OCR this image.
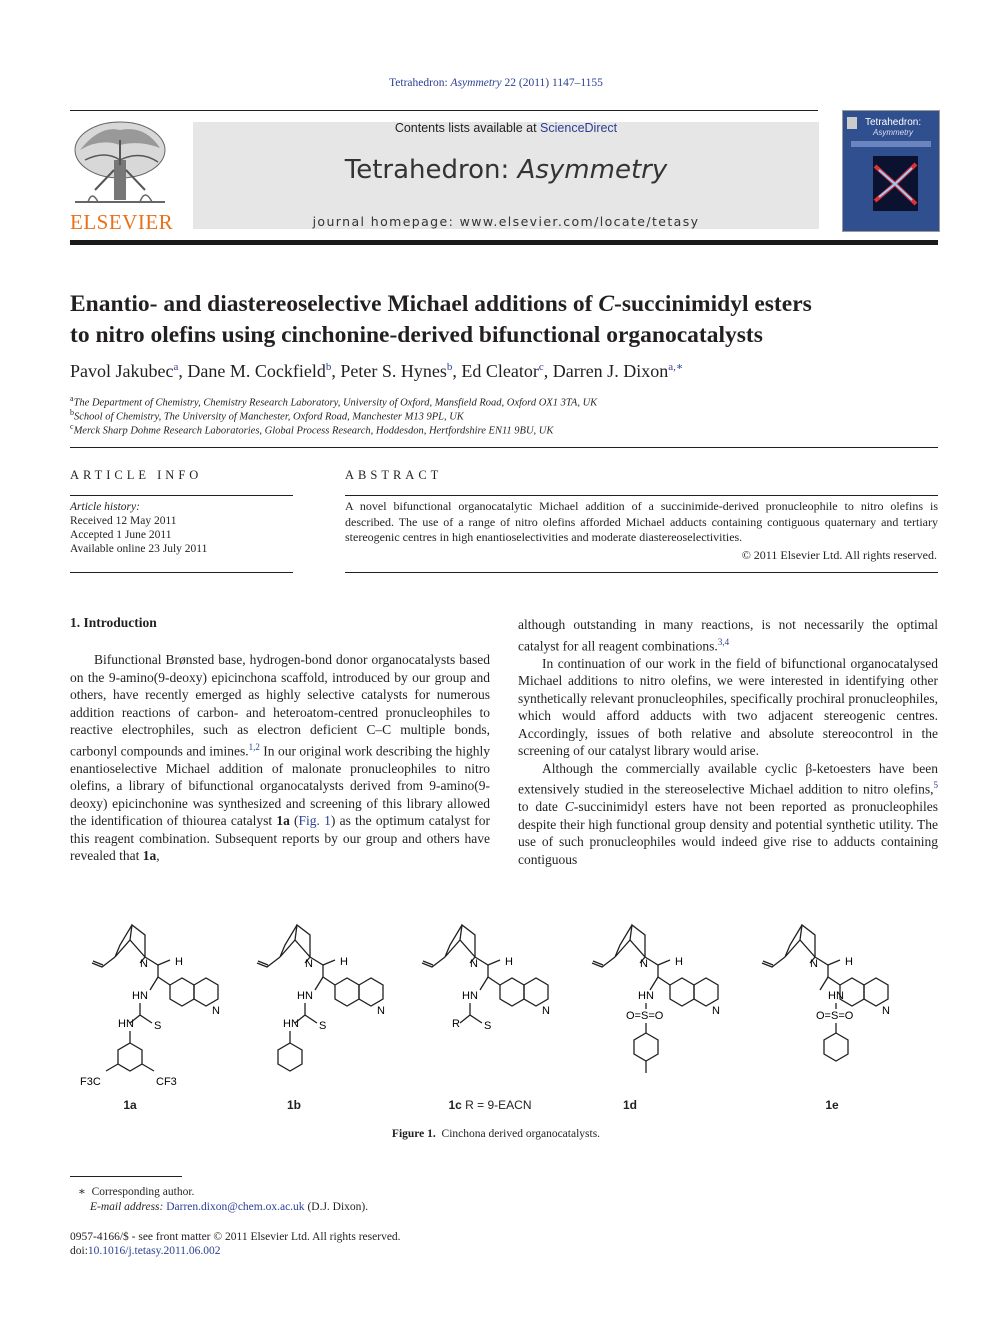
Tetrahedron: Asymmetry 22 (2011) 1147–1155
ELSEVIER
Contents lists available at ScienceDirect
Tetrahedron: Asymmetry
journal homepage: www.elsevier.com/locate/tetasy
Tetrahedron:
Asymmetry
Enantio- and diastereoselective Michael additions of C-succinimidyl esters
to nitro olefins using cinchonine-derived bifunctional organocatalysts
Pavol Jakubec$^a$, Dane M. Cockfield$^b$, Peter S. Hynes$^b$, Ed Cleator$^c$, Darren J. Dixon$^{a,∗}$
$^a$The Department of Chemistry, Chemistry Research Laboratory, University of Oxford, Mansfield Road, Oxford OX1 3TA, UK
$^b$School of Chemistry, The University of Manchester, Oxford Road, Manchester M13 9PL, UK
$^c$Merck Sharp Dohme Research Laboratories, Global Process Research, Hoddesdon, Hertfordshire EN11 9BU, UK
ARTICLE INFO
Article history:
Received 12 May 2011
Accepted 1 June 2011
Available online 23 July 2011
ABSTRACT
A novel bifunctional organocatalytic Michael addition of a succinimide-derived pronucleophile to nitro olefins is described. The use of a range of nitro olefins afforded Michael adducts containing contiguous quaternary and tertiary stereogenic centres in high enantioselectivities and moderate diastereoselectivities.
© 2011 Elsevier Ltd. All rights reserved.
1. Introduction

Bifunctional Brønsted base, hydrogen-bond donor organocatalysts based on the 9-amino(9-deoxy) epicinchona scaffold, introduced by our group and others, have recently emerged as highly selective catalysts for numerous addition reactions of carbon- and heteroatom-centred pronucleophiles to reactive electrophiles, such as electron deficient C–C multiple bonds, carbonyl compounds and imines.$^{1,2}$ In our original work describing the highly enantioselective Michael addition of malonate pronucleophiles to nitro olefins, a library of bifunctional organocatalysts derived from 9-amino(9-deoxy) epicinchonine was synthesized and screening of this library allowed the identification of thiourea catalyst 1a (Fig. 1) as the optimum catalyst for this reagent combination. Subsequent reports by our group and others have revealed that 1a,

although outstanding in many reactions, is not necessarily the optimal catalyst for all reagent combinations.$^{3,4}$

In continuation of our work in the field of bifunctional organocatalysed Michael additions to nitro olefins, we were interested in identifying other synthetically relevant pronucleophiles, specifically prochiral pronucleophiles, which would afford adducts with two adjacent stereogenic centres. Accordingly, issues of both relative and absolute stereocontrol in the screening of our catalyst library would arise.

Although the commercially available cyclic β-ketoesters have been extensively studied in the stereoselective Michael addition to nitro olefins,$^5$ to date C-succinimidyl esters have not been reported as pronucleophiles despite their high functional group density and potential synthetic utility. The use of such pronucleophiles would indeed give rise to adducts containing contiguous

N H
N
HN
S
HN
F3C	CF3
N H
N
HN
S
HN
N H
N
HN
S
R
N H
N
HN
O=S=O
N H
N
HN
O=S=O
1a	1b	1c R = 9-EACN	1d	1e
Figure 1. Cinchona derived organocatalysts.
∗ Corresponding author.
E-mail address: Darren.dixon@chem.ox.ac.uk (D.J. Dixon).
0957-4166/$ - see front matter © 2011 Elsevier Ltd. All rights reserved.
doi:10.1016/j.tetasy.2011.06.002
